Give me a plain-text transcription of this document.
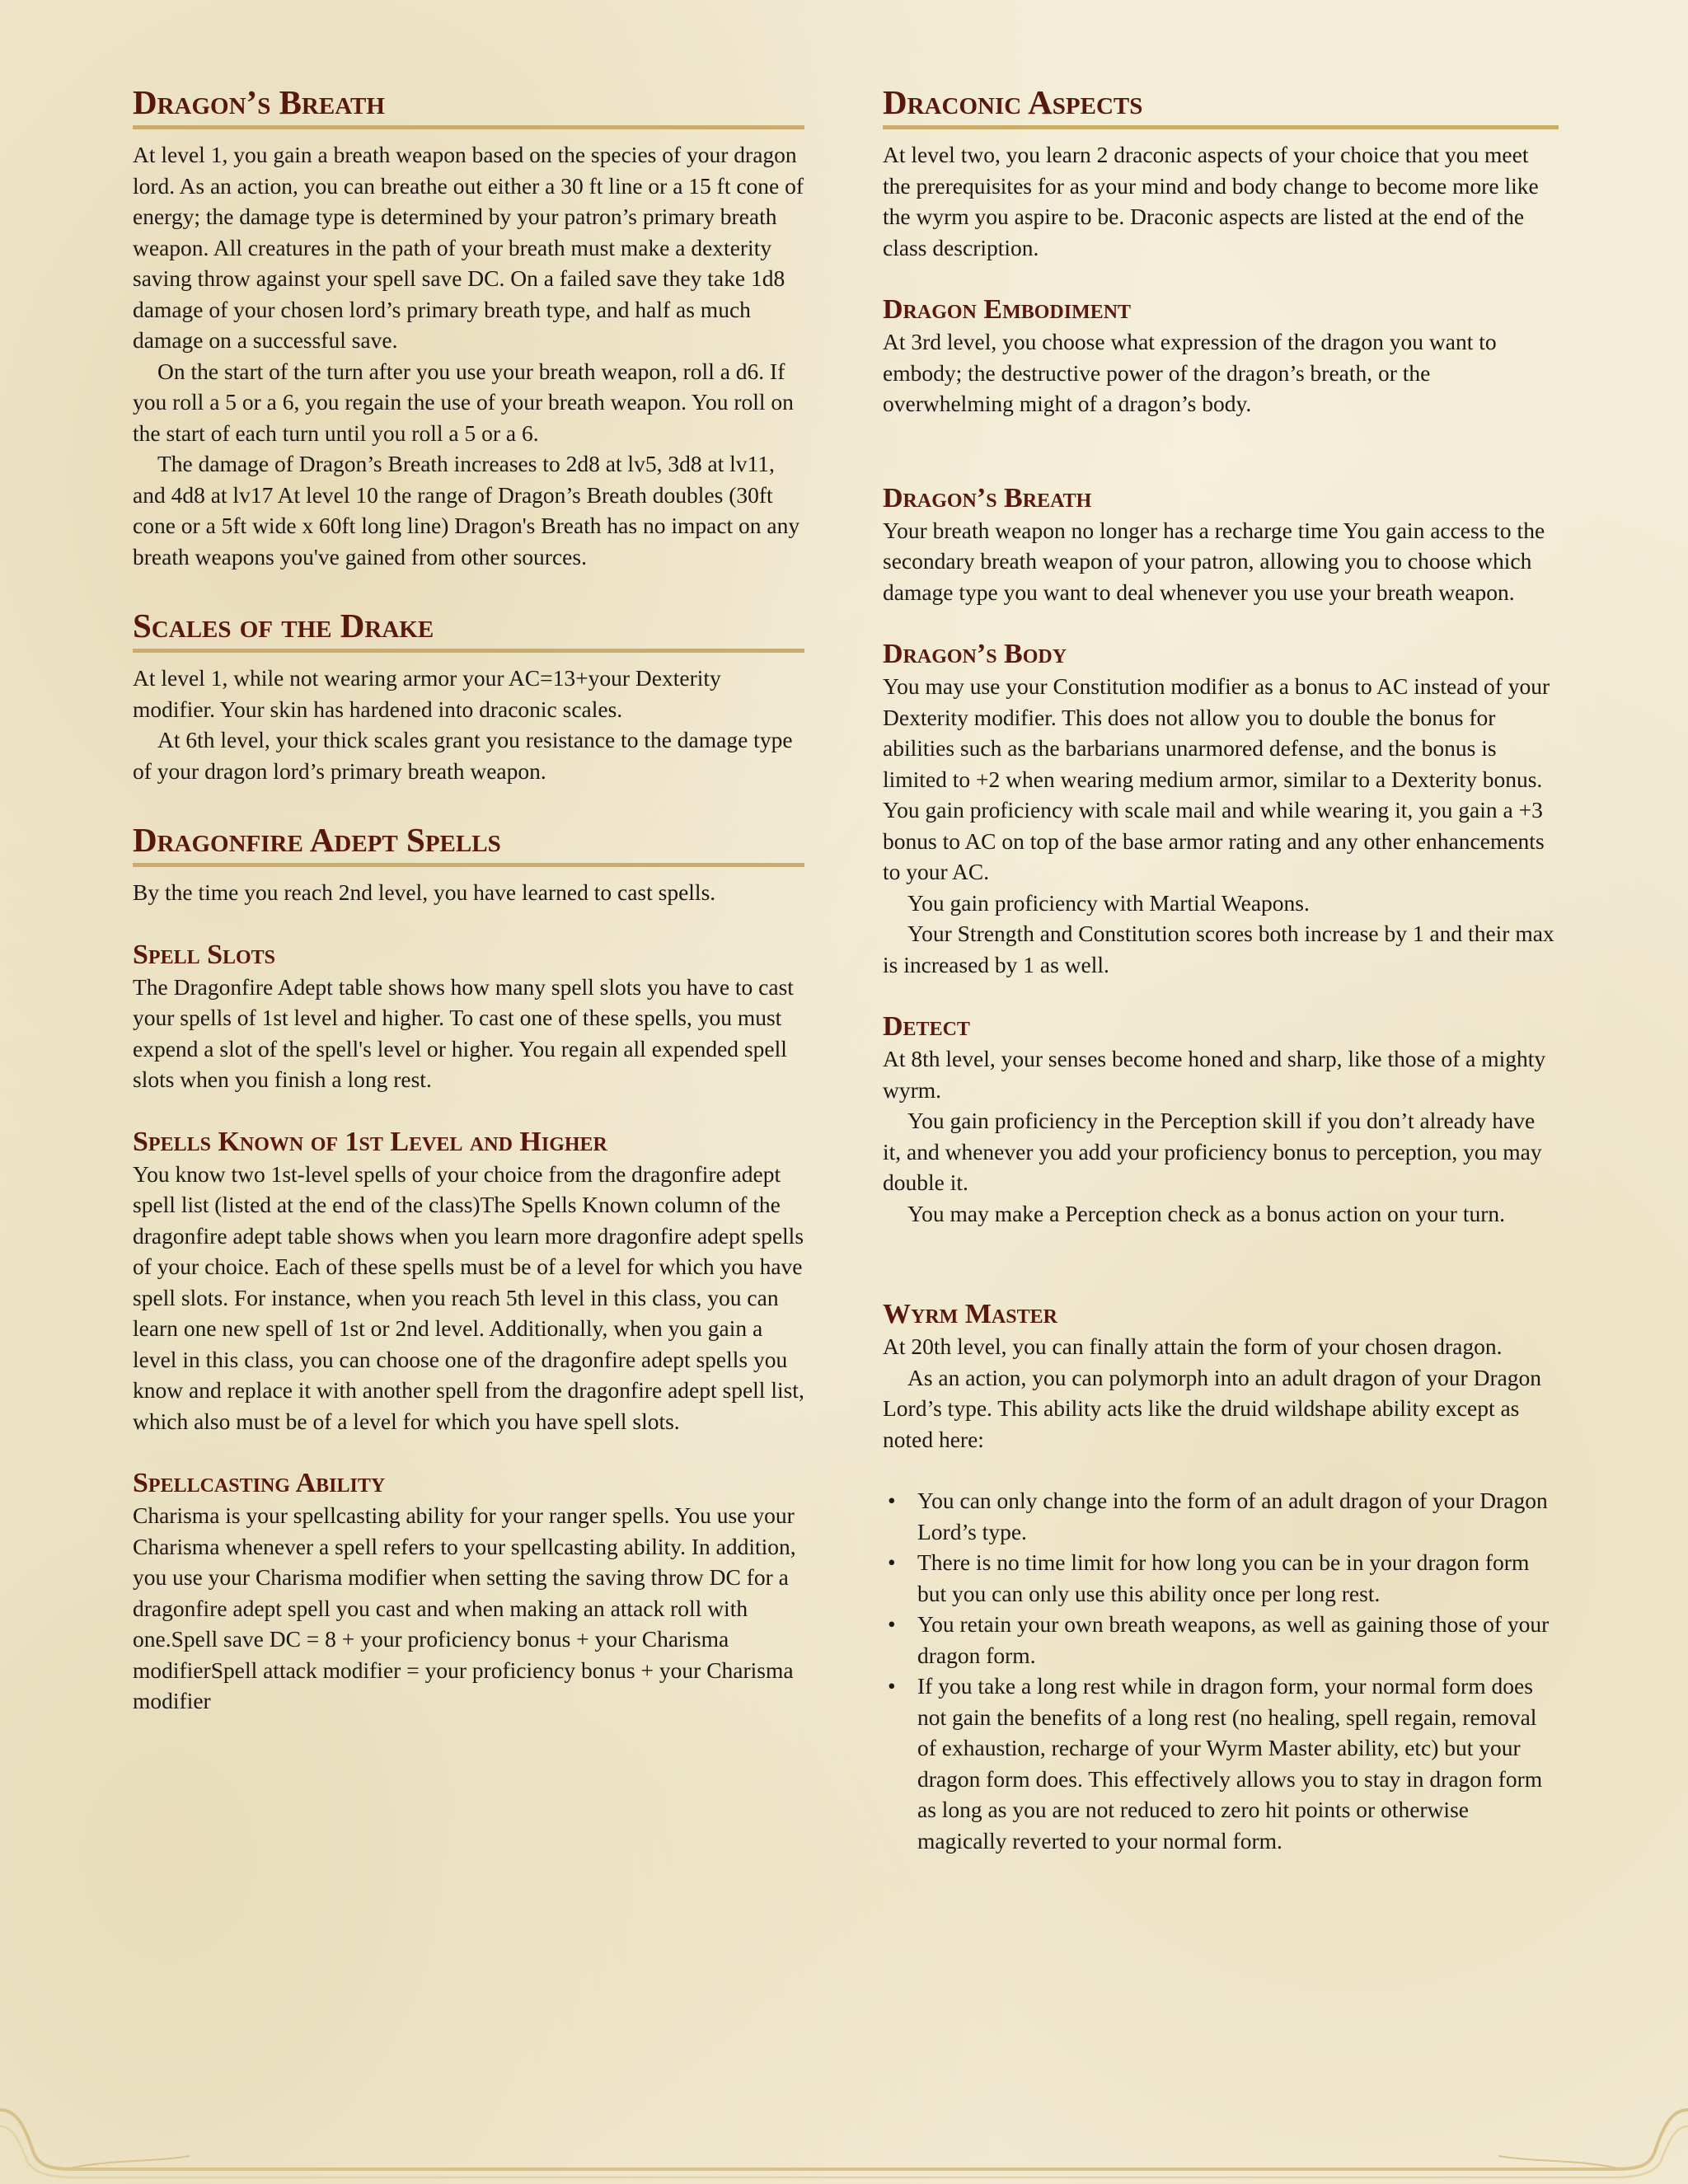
Dragon’s Breath

At level 1, you gain a breath weapon based on the species of your dragon lord. As an action, you can breathe out either a 30 ft line or a 15 ft cone of energy; the damage type is determined by your patron’s primary breath weapon. All creatures in the path of your breath must make a dexterity saving throw against your spell save DC. On a failed save they take 1d8 damage of your chosen lord’s primary breath type, and half as much damage on a successful save.

On the start of the turn after you use your breath weapon, roll a d6. If you roll a 5 or a 6, you regain the use of your breath weapon. You roll on the start of each turn until you roll a 5 or a 6.

The damage of Dragon’s Breath increases to 2d8 at lv5, 3d8 at lv11, and 4d8 at lv17 At level 10 the range of Dragon’s Breath doubles (30ft cone or a 5ft wide x 60ft long line) Dragon's Breath has no impact on any breath weapons you've gained from other sources.

Scales of the Drake

At level 1, while not wearing armor your AC=13+your Dexterity modifier. Your skin has hardened into draconic scales.

At 6th level, your thick scales grant you resistance to the damage type of your dragon lord’s primary breath weapon.

Dragonfire Adept Spells

By the time you reach 2nd level, you have learned to cast spells.

Spell Slots

The Dragonfire Adept table shows how many spell slots you have to cast your spells of 1st level and higher. To cast one of these spells, you must expend a slot of the spell's level or higher. You regain all expended spell slots when you finish a long rest.

Spells Known of 1st Level and Higher

You know two 1st-level spells of your choice from the dragonfire adept spell list (listed at the end of the class)The Spells Known column of the dragonfire adept table shows when you learn more dragonfire adept spells of your choice. Each of these spells must be of a level for which you have spell slots. For instance, when you reach 5th level in this class, you can learn one new spell of 1st or 2nd level. Additionally, when you gain a level in this class, you can choose one of the dragonfire adept spells you know and replace it with another spell from the dragonfire adept spell list, which also must be of a level for which you have spell slots.

Spellcasting Ability

Charisma is your spellcasting ability for your ranger spells. You use your Charisma whenever a spell refers to your spellcasting ability. In addition, you use your Charisma modifier when setting the saving throw DC for a dragonfire adept spell you cast and when making an attack roll with one.Spell save DC = 8 + your proficiency bonus + your Charisma modifierSpell attack modifier = your proficiency bonus + your Charisma modifier

Draconic Aspects

At level two, you learn 2 draconic aspects of your choice that you meet the prerequisites for as your mind and body change to become more like the wyrm you aspire to be. Draconic aspects are listed at the end of the class description.

Dragon Embodiment

At 3rd level, you choose what expression of the dragon you want to embody; the destructive power of the dragon’s breath, or the overwhelming might of a dragon’s body.

Dragon’s Breath

Your breath weapon no longer has a recharge time You gain access to the secondary breath weapon of your patron, allowing you to choose which damage type you want to deal whenever you use your breath weapon.

Dragon’s Body

You may use your Constitution modifier as a bonus to AC instead of your Dexterity modifier. This does not allow you to double the bonus for abilities such as the barbarians unarmored defense, and the bonus is limited to +2 when wearing medium armor, similar to a Dexterity bonus. You gain proficiency with scale mail and while wearing it, you gain a +3 bonus to AC on top of the base armor rating and any other enhancements to your AC.

You gain proficiency with Martial Weapons.

Your Strength and Constitution scores both increase by 1 and their max is increased by 1 as well.

Detect

At 8th level, your senses become honed and sharp, like those of a mighty wyrm.

You gain proficiency in the Perception skill if you don’t already have it, and whenever you add your proficiency bonus to perception, you may double it.

You may make a Perception check as a bonus action on your turn.

Wyrm Master

At 20th level, you can finally attain the form of your chosen dragon.

As an action, you can polymorph into an adult dragon of your Dragon Lord’s type. This ability acts like the druid wildshape ability except as noted here:

• You can only change into the form of an adult dragon of your Dragon Lord’s type.
• There is no time limit for how long you can be in your dragon form but you can only use this ability once per long rest.
• You retain your own breath weapons, as well as gaining those of your dragon form.
• If you take a long rest while in dragon form, your normal form does not gain the benefits of a long rest (no healing, spell regain, removal of exhaustion, recharge of your Wyrm Master ability, etc) but your dragon form does. This effectively allows you to stay in dragon form as long as you are not reduced to zero hit points or otherwise magically reverted to your normal form.
